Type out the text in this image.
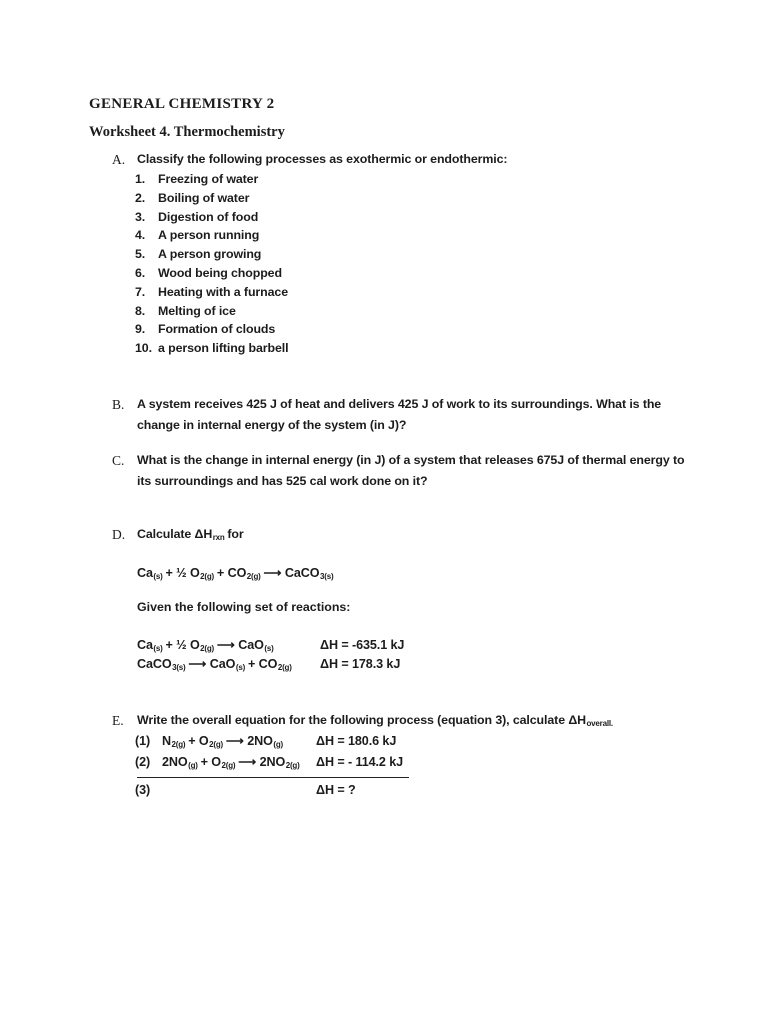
GENERAL CHEMISTRY 2
Worksheet 4. Thermochemistry
A. Classify the following processes as exothermic or endothermic:
1.	Freezing of water
2.	Boiling of water
3.	Digestion of food
4.	A person running
5.	A person growing
6.	Wood being chopped
7.	Heating with a furnace
8.	Melting of ice
9.	Formation of clouds
10. a person lifting barbell
B.	A system receives 425 J of heat and delivers 425 J of work to its surroundings. What is the change in internal energy of the system (in J)?
C.	What is the change in internal energy (in J) of a system that releases 675J of thermal energy to its surroundings and has 525 cal work done on it?
D. Calculate $\Delta H_{rxn}$ for
$Ca_{(s)}$ + ½ $O_{2(g)} + CO_{2(g)}$ ⟶ CaCO$_{3(s)}$
Given the following set of reactions:
$Ca_{(s)}$ + ½ $O_{2(g)}$ ⟶ CaO$_{(s)}$	ΔH = -635.1 kJ
CaCO$_{3(s)}$ ⟶ $CaO_{(s)} + CO_{2(g)}$	ΔH = 178.3 kJ
E.	Write the overall equation for the following process (equation 3), calculate $\Delta H_{overall.}$
(1) $N_{2(g)} + O_{2(g)}$ ⟶ $2NO_{(g)}$	ΔH = 180.6 kJ
(2) $2NO_{(g)} + O_{2(g)}$ ⟶ $2NO_{2(g)}$	ΔH = - 114.2 kJ
(3)	ΔH = ?
